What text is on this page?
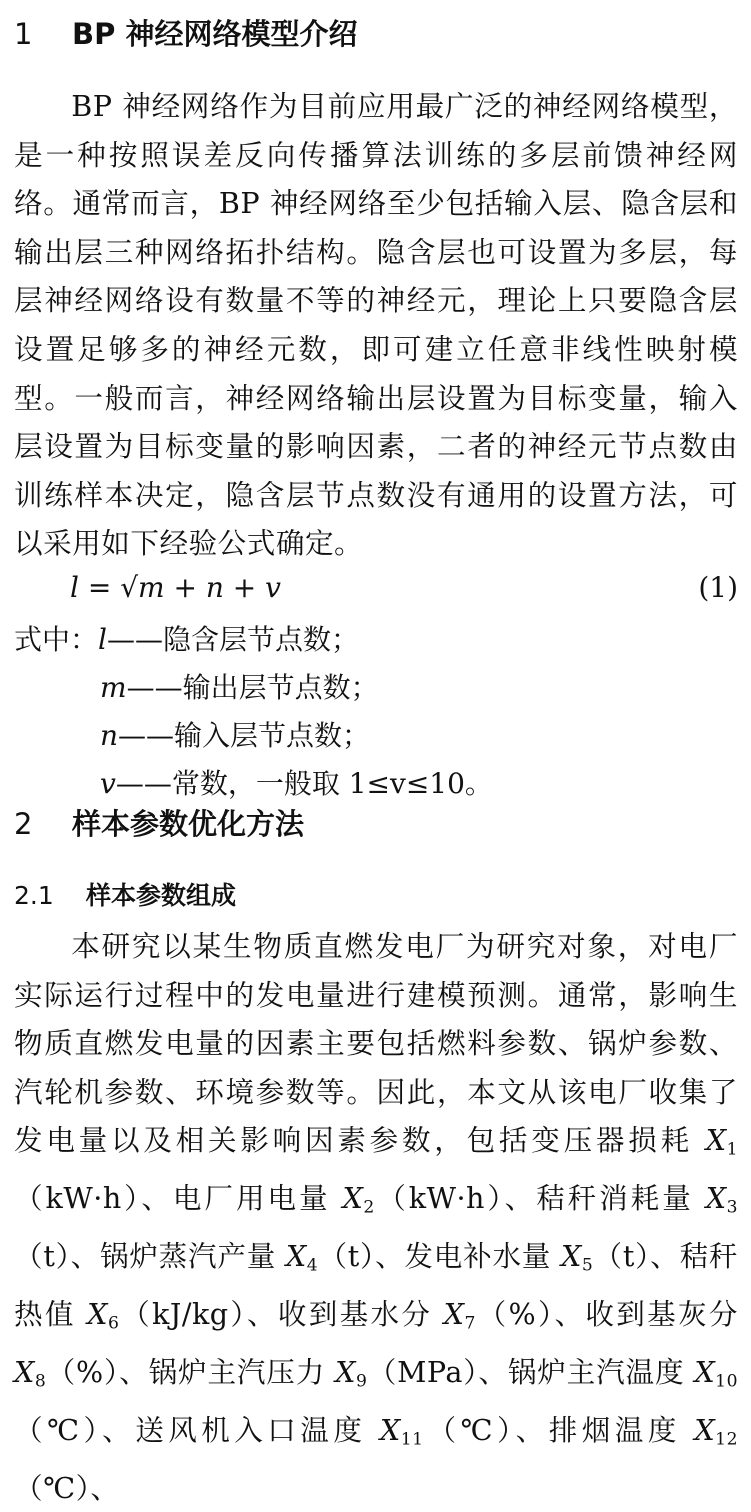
1 BP 神经网络模型介绍
BP 神经网络作为目前应用最广泛的神经网络模型，是一种按照误差反向传播算法训练的多层前馈神经网络。通常而言，BP 神经网络至少包括输入层、隐含层和输出层三种网络拓扑结构。隐含层也可设置为多层，每层神经网络设有数量不等的神经元，理论上只要隐含层设置足够多的神经元数，即可建立任意非线性映射模型。一般而言，神经网络输出层设置为目标变量，输入层设置为目标变量的影响因素，二者的神经元节点数由训练样本决定，隐含层节点数没有通用的设置方法，可以采用如下经验公式确定。
l = √m + n + v	(1)
式中：l——隐含层节点数；
m——输出层节点数；
n——输入层节点数；
v——常数，一般取 1≤v≤10。
2 样本参数优化方法
2.1 样本参数组成
本研究以某生物质直燃发电厂为研究对象，对电厂实际运行过程中的发电量进行建模预测。通常，影响生物质直燃发电量的因素主要包括燃料参数、锅炉参数、汽轮机参数、环境参数等。因此，本文从该电厂收集了发电量以及相关影响因素参数，包括变压器损耗 $X_1(kW\cdot h)$、电厂用电量 $X_2(kW\cdot h)$、秸秆消耗量 $X_3(t)$、锅炉蒸汽产量 $X_4(t)$、发电补水量 $X_5(t)$、秸秆热值 $X_6(kJ/kg)$、收到基水分 $X_7(\%)$、收到基灰分 $X_8(\%)$、锅炉主汽压力 $X_9(MPa)$、锅炉主汽温度 $X_{10}(℃)$、送风机入口温度 $X_{11}(℃)$、排烟温度 $X_{12}(℃)$、
